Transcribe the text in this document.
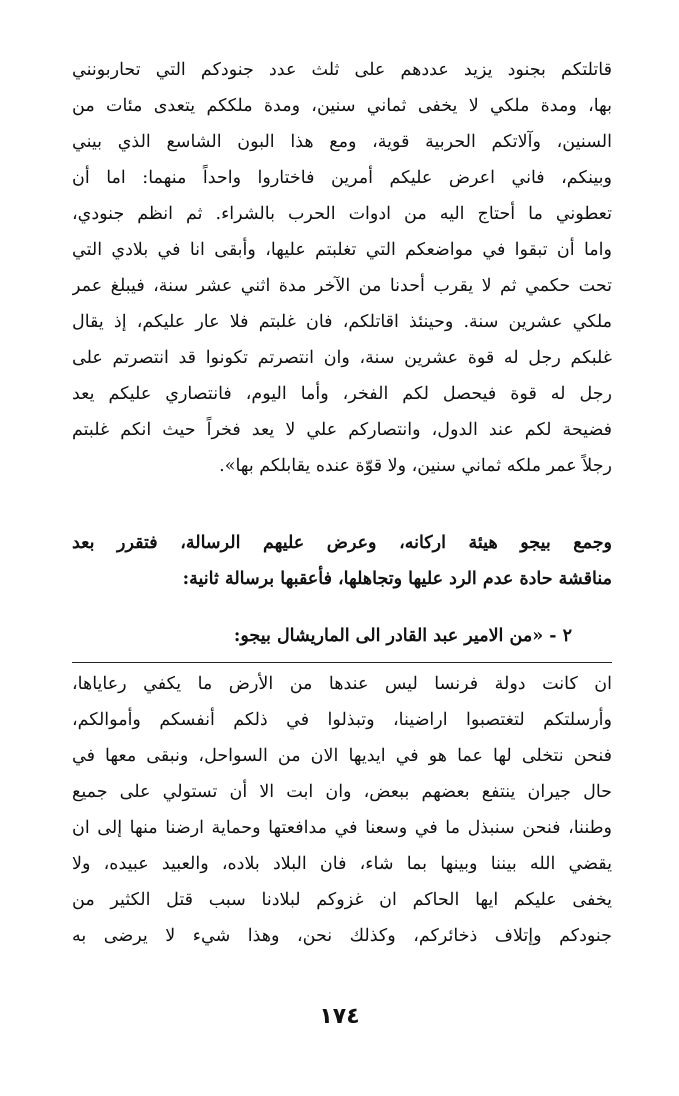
قاتلتكم بجنود يزيد عددهم على ثلث عدد جنودكم التي تحاربونني
بها، ومدة ملكي لا يخفى ثماني سنين، ومدة ملككم يتعدى مئات من
السنين، وآلاتكم الحربية قوية، ومع هذا البون الشاسع الذي بيني
وبينكم، فاني اعرض عليكم أمرين فاختاروا واحداً منهما: اما أن
تعطوني ما أحتاج اليه من ادوات الحرب بالشراء. ثم انظم جنودي،
واما أن تبقوا في مواضعكم التي تغلبتم عليها، وأبقى انا في بلادي التي
تحت حكمي ثم لا يقرب أحدنا من الآخر مدة اثني عشر سنة، فيبلغ عمر
ملكي عشرين سنة. وحينئذ اقاتلكم، فان غلبتم فلا عار عليكم، إذ يقال
غلبكم رجل له قوة عشرين سنة، وان انتصرتم تكونوا قد انتصرتم على
رجل له قوة فيحصل لكم الفخر، وأما اليوم، فانتصاري عليكم يعد
فضيحة لكم عند الدول، وانتصاركم علي لا يعد فخراً حيث انكم غلبتم
رجلاً عمر ملكه ثماني سنين، ولا قوّة عنده يقابلكم بها».
وجمع بيجو هيئة اركانه، وعرض عليهم الرسالة، فتقرر بعد
مناقشة حادة عدم الرد عليها وتجاهلها، فأعقبها برسالة ثانية:
٢ - «من الامير عبد القادر الى الماريشال بيجو:
ان كانت دولة فرنسا ليس عندها من الأرض ما يكفي رعاياها،
وأرسلتكم لتغتصبوا اراضينا، وتبذلوا في ذلكم أنفسكم وأموالكم،
فنحن نتخلى لها عما هو في ايديها الان من السواحل، ونبقى معها في
حال جيران ينتفع بعضهم ببعض، وان ابت الا أن تستولي على جميع
وطننا، فنحن سنبذل ما في وسعنا في مدافعتها وحماية ارضنا منها إلى ان
يقضي الله بيننا وبينها بما شاء، فان البلاد بلاده، والعبيد عبيده، ولا
يخفى عليكم ايها الحاكم ان غزوكم لبلادنا سبب قتل الكثير من
جنودكم وإتلاف ذخائركم، وكذلك نحن، وهذا شيء لا يرضى به
١٧٤
